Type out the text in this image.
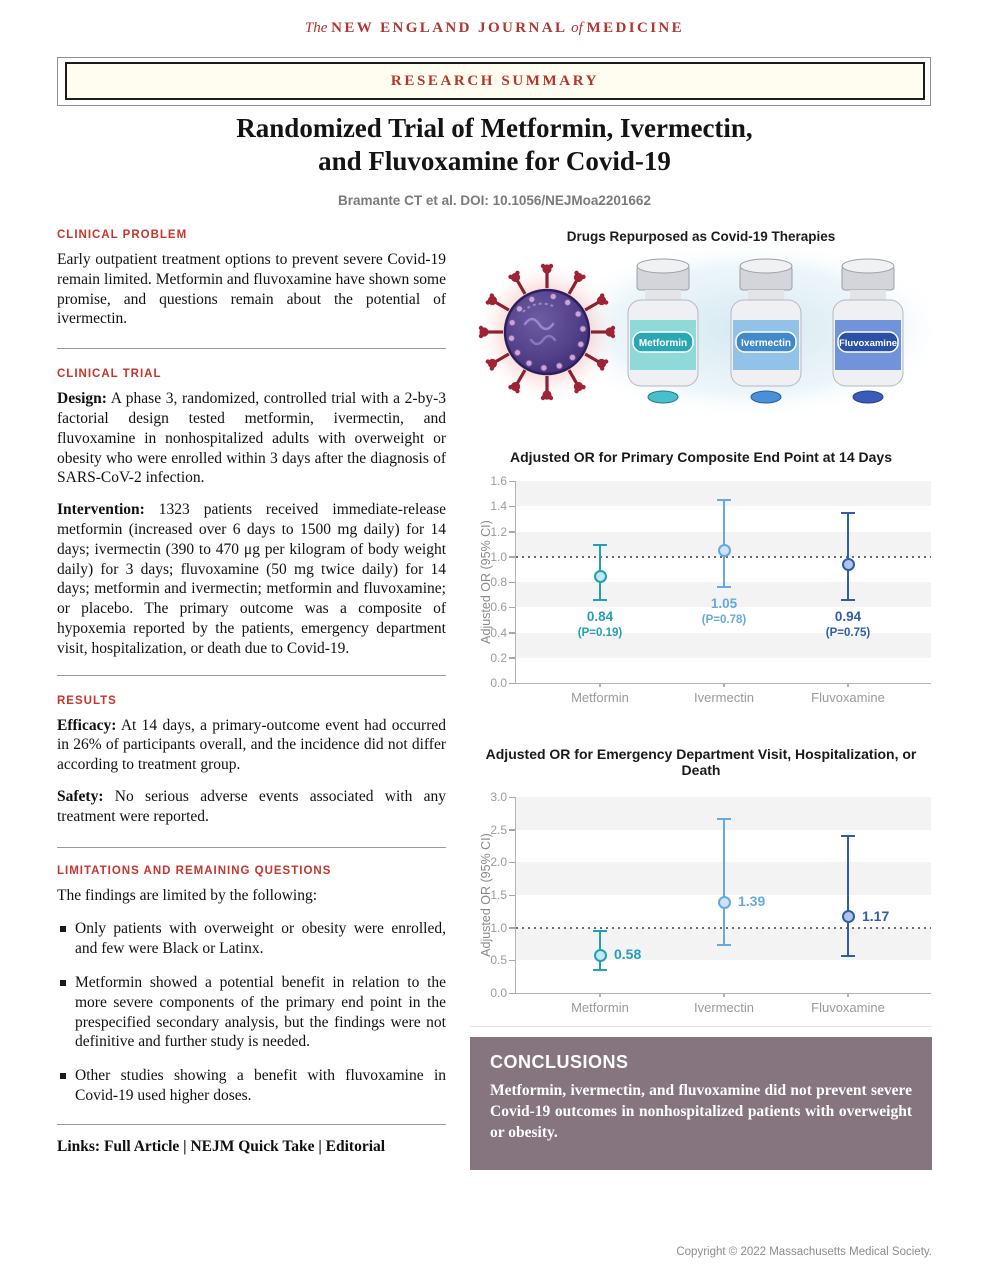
The NEW ENGLAND JOURNAL of MEDICINE
RESEARCH SUMMARY
Randomized Trial of Metformin, Ivermectin,
and Fluvoxamine for Covid-19
Bramante CT et al. DOI: 10.1056/NEJMoa2201662
CLINICAL PROBLEM

Early outpatient treatment options to prevent severe Covid-19 remain limited. Metformin and fluvoxamine have shown some promise, and questions remain about the potential of ivermectin.

CLINICAL TRIAL

Design: A phase 3, randomized, controlled trial with a 2-by-3 factorial design tested metformin, ivermectin, and fluvoxamine in nonhospitalized adults with overweight or obesity who were enrolled within 3 days after the diagnosis of SARS-CoV-2 infection.

Intervention: 1323 patients received immediate-release metformin (increased over 6 days to 1500 mg daily) for 14 days; ivermectin (390 to 470 μg per kilogram of body weight daily) for 3 days; fluvoxamine (50 mg twice daily) for 14 days; metformin and ivermectin; metformin and fluvoxamine; or placebo. The primary outcome was a composite of hypoxemia reported by the patients, emergency department visit, hospitalization, or death due to Covid-19.

RESULTS

Efficacy: At 14 days, a primary-outcome event had occurred in 26% of participants overall, and the incidence did not differ according to treatment group.

Safety: No serious adverse events associated with any treatment were reported.

LIMITATIONS AND REMAINING QUESTIONS

The findings are limited by the following:

Only patients with overweight or obesity were enrolled, and few were Black or Latinx.
Metformin showed a potential benefit in relation to the more severe components of the primary end point in the prespecified secondary analysis, but the findings were not definitive and further study is needed.
Other studies showing a benefit with fluvoxamine in Covid-19 used higher doses.
Links: Full Article | NEJM Quick Take | Editorial
Drugs Repurposed as Covid-19 Therapies
Metformin	Ivermectin	Fluvoxamine
Adjusted OR for Primary Composite End Point at 14 Days
Adjusted OR (95% CI)
1.6
1.4
1.2
1.0
0.8
0.6
0.4
0.2
0.0
Metformin
0.84
(P=0.19)
Ivermectin
1.05
(P=0.78)
Fluvoxamine
0.94
(P=0.75)
Adjusted OR for Emergency Department Visit, Hospitalization, or Death
Adjusted OR (95% CI)
3.0
2.5
2.0
1.5
1.0
0.5
0.0
Metformin
0.58
Ivermectin
1.39
Fluvoxamine
1.17
CONCLUSIONS
Metformin, ivermectin, and fluvoxamine did not prevent severe Covid-19 outcomes in nonhospitalized patients with overweight or obesity.
Copyright © 2022 Massachusetts Medical Society.
